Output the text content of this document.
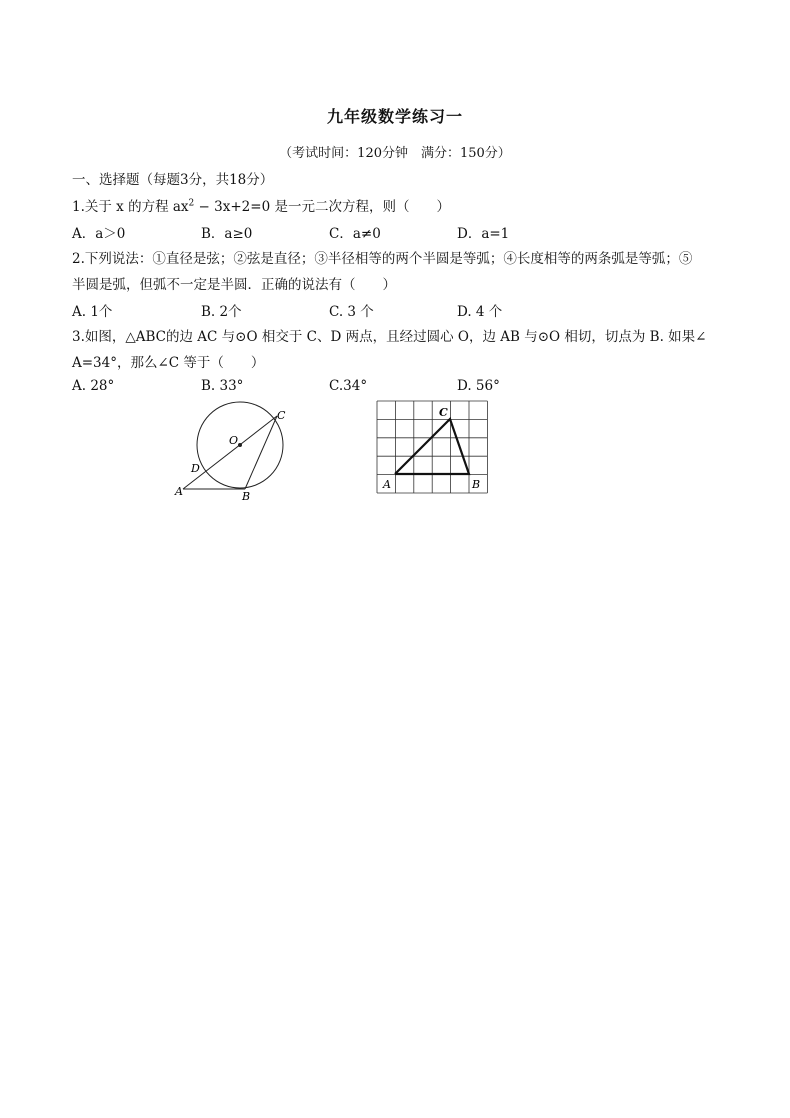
九年级数学练习一
（考试时间：120分钟　满分：150分）
一、选择题（每题3分，共18分）
1.关于 x 的方程 $ax^2 - 3x+2=0$ 是一元二次方程，则（　　）
A．a＞0	B．a≥0	C．a≠0	D．a=1
2.下列说法：①直径是弦；②弦是直径；③半径相等的两个半圆是等弧；④长度相等的两条弧是等弧；⑤
半圆是弧，但弧不一定是半圆．正确的说法有（　　）
A. 1个	B. 2个	C. 3 个	D. 4 个
3.如图，△ABC的边 AC 与⊙O 相交于 C、D 两点，且经过圆心 O，边 AB 与⊙O 相切，切点为 B. 如果∠
A=34°，那么∠C 等于（　　）
A. 28°	B. 33°	C.34°	D. 56°
O
C
D
A	B
C
A	B
